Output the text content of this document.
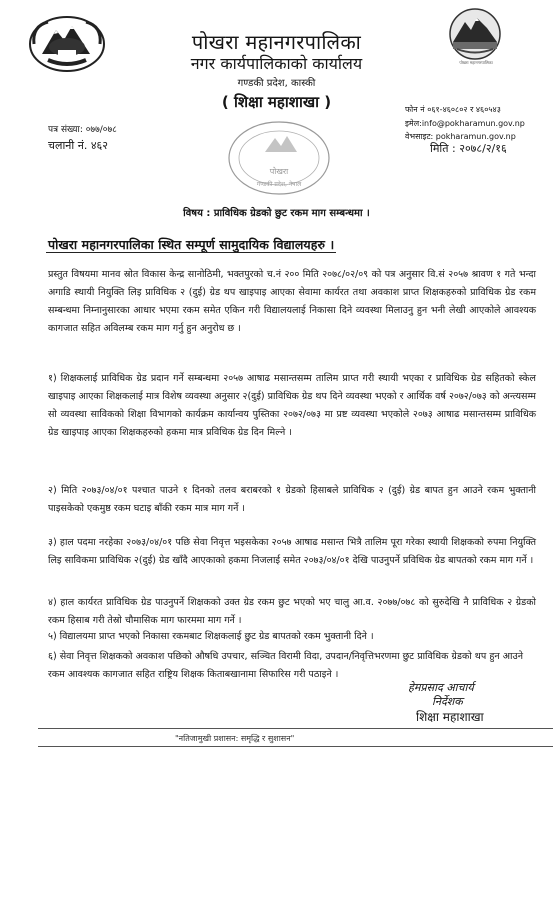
पोखरा महानगरपालिका
पोखरा महानगरपालिका
नगर कार्यपालिकाको कार्यालय
गण्डकी प्रदेश, कास्की
( शिक्षा महाशाखा )	फोन नं ०६१-४६०८०२ र ४६०५४३
इमेल:info@pokharamun.gov.np
वेभसाइट: pokharamun.gov.np
मिति : २०७८/२/१६
पत्र संख्या: ०७७/०७८
चलानी नं. ४६२
पोखरा
गण्डकी प्रदेश, नेपाल
विषय : प्राविधिक ग्रेडको छुट रकम माग सम्बन्धमा ।
पोखरा महानगरपालिका स्थित सम्पूर्ण सामुदायिक विद्यालयहरु ।
प्रस्तुत विषयमा मानव स्रोत विकास केन्द्र सानोठिमी, भक्तपुरको च.नं २०० मिति २०७८/०२/०९ को पत्र अनुसार वि.सं २०५७ श्रावण १ गते भन्दा अगाडि स्थायी नियुक्ति लिइ प्राविधिक २ (दुई) ग्रेड थप खाइपाइ आएका सेवामा कार्यरत तथा अवकाश प्राप्त शिक्षकहरुको प्राविधिक ग्रेड रकम सम्बन्धमा निम्नानुसारका आधार भएमा रकम समेत एकिन गरी विद्यालयलाई निकासा दिने व्यवस्था मिलाउनु हुन भनी लेखी आएकोले आवश्यक कागजात सहित अविलम्ब रकम माग गर्नु हुन अनुरोध छ ।
१) शिक्षकलाई प्राविधिक ग्रेड प्रदान गर्ने सम्बन्धमा २०५७ आषाढ मसान्तसम्म तालिम प्राप्त गरी स्थायी भएका र प्राविधिक ग्रेड सहितको स्केल खाइपाइ आएका शिक्षकलाई मात्र विशेष व्यवस्था अनुसार २(दुई) प्राविधिक ग्रेड थप दिने व्यवस्था भएको र आर्थिक वर्ष २०७२/०७३ को अन्त्यसम्म सो व्यवस्था साविकको शिक्षा विभागको कार्यक्रम कार्यान्वय पुस्तिका २०७२/०७३ मा प्रष्ट व्यवस्था भएकोले २०७३ आषाढ मसान्तसम्म प्राविधिक ग्रेड खाइपाइ आएका शिक्षकहरुको हकमा मात्र प्रविधिक ग्रेड दिन मिल्ने ।
२) मिति २०७३/०४/०१ पश्चात पाउने १ दिनको तलव बराबरको १ ग्रेडको हिसाबले प्राविधिक २ (दुई) ग्रेड बापत हुन आउने रकम भुक्तानी पाइसकेको एकमुष्ठ रकम घटाइ बाँकी रकम मात्र माग गर्ने ।
३) हाल पदमा नरहेका २०७३/०४/०१ पछि सेवा निवृत्त भइसकेका २०५७ आषाढ मसान्त भित्रै तालिम पूरा गरेका स्थायी शिक्षकको रुपमा नियुक्ति लिइ साविकमा प्राविधिक २(दुई) ग्रेड खाँदै आएकाको हकमा निजलाई समेत २०७३/०४/०१ देखि पाउनुपर्ने प्रविधिक ग्रेड बापतको रकम माग गर्ने ।
४) हाल कार्यरत प्राविधिक ग्रेड पाउनुपर्ने शिक्षकको उक्त ग्रेड रकम छुट भएको भए चालु आ.व. २०७७/०७८ को सुरुदेखि नै प्राविधिक २ ग्रेडको रकम हिसाब गरी तेस्रो चौमासिक माग फारममा माग गर्ने ।
५) विद्यालयमा प्राप्त भएको निकासा रकमबाट शिक्षकलाई छुट ग्रेड बापतको रकम भुक्तानी दिने ।
६) सेवा निवृत्त शिक्षकको अवकाश पछिको औषधि उपचार, सञ्चित विरामी विदा, उपदान/निवृत्तिभरणमा छुट प्राविधिक ग्रेडको थप हुन आउने रकम आवश्यक कागजात सहित राष्ट्रिय शिक्षक किताबखानामा सिफारिस गरी पठाइने ।
हेमप्रसाद आचार्य
निर्देशक
शिक्षा महाशाखा
"नतिजामुखी प्रशासन: समृद्धि र सुशासन"
